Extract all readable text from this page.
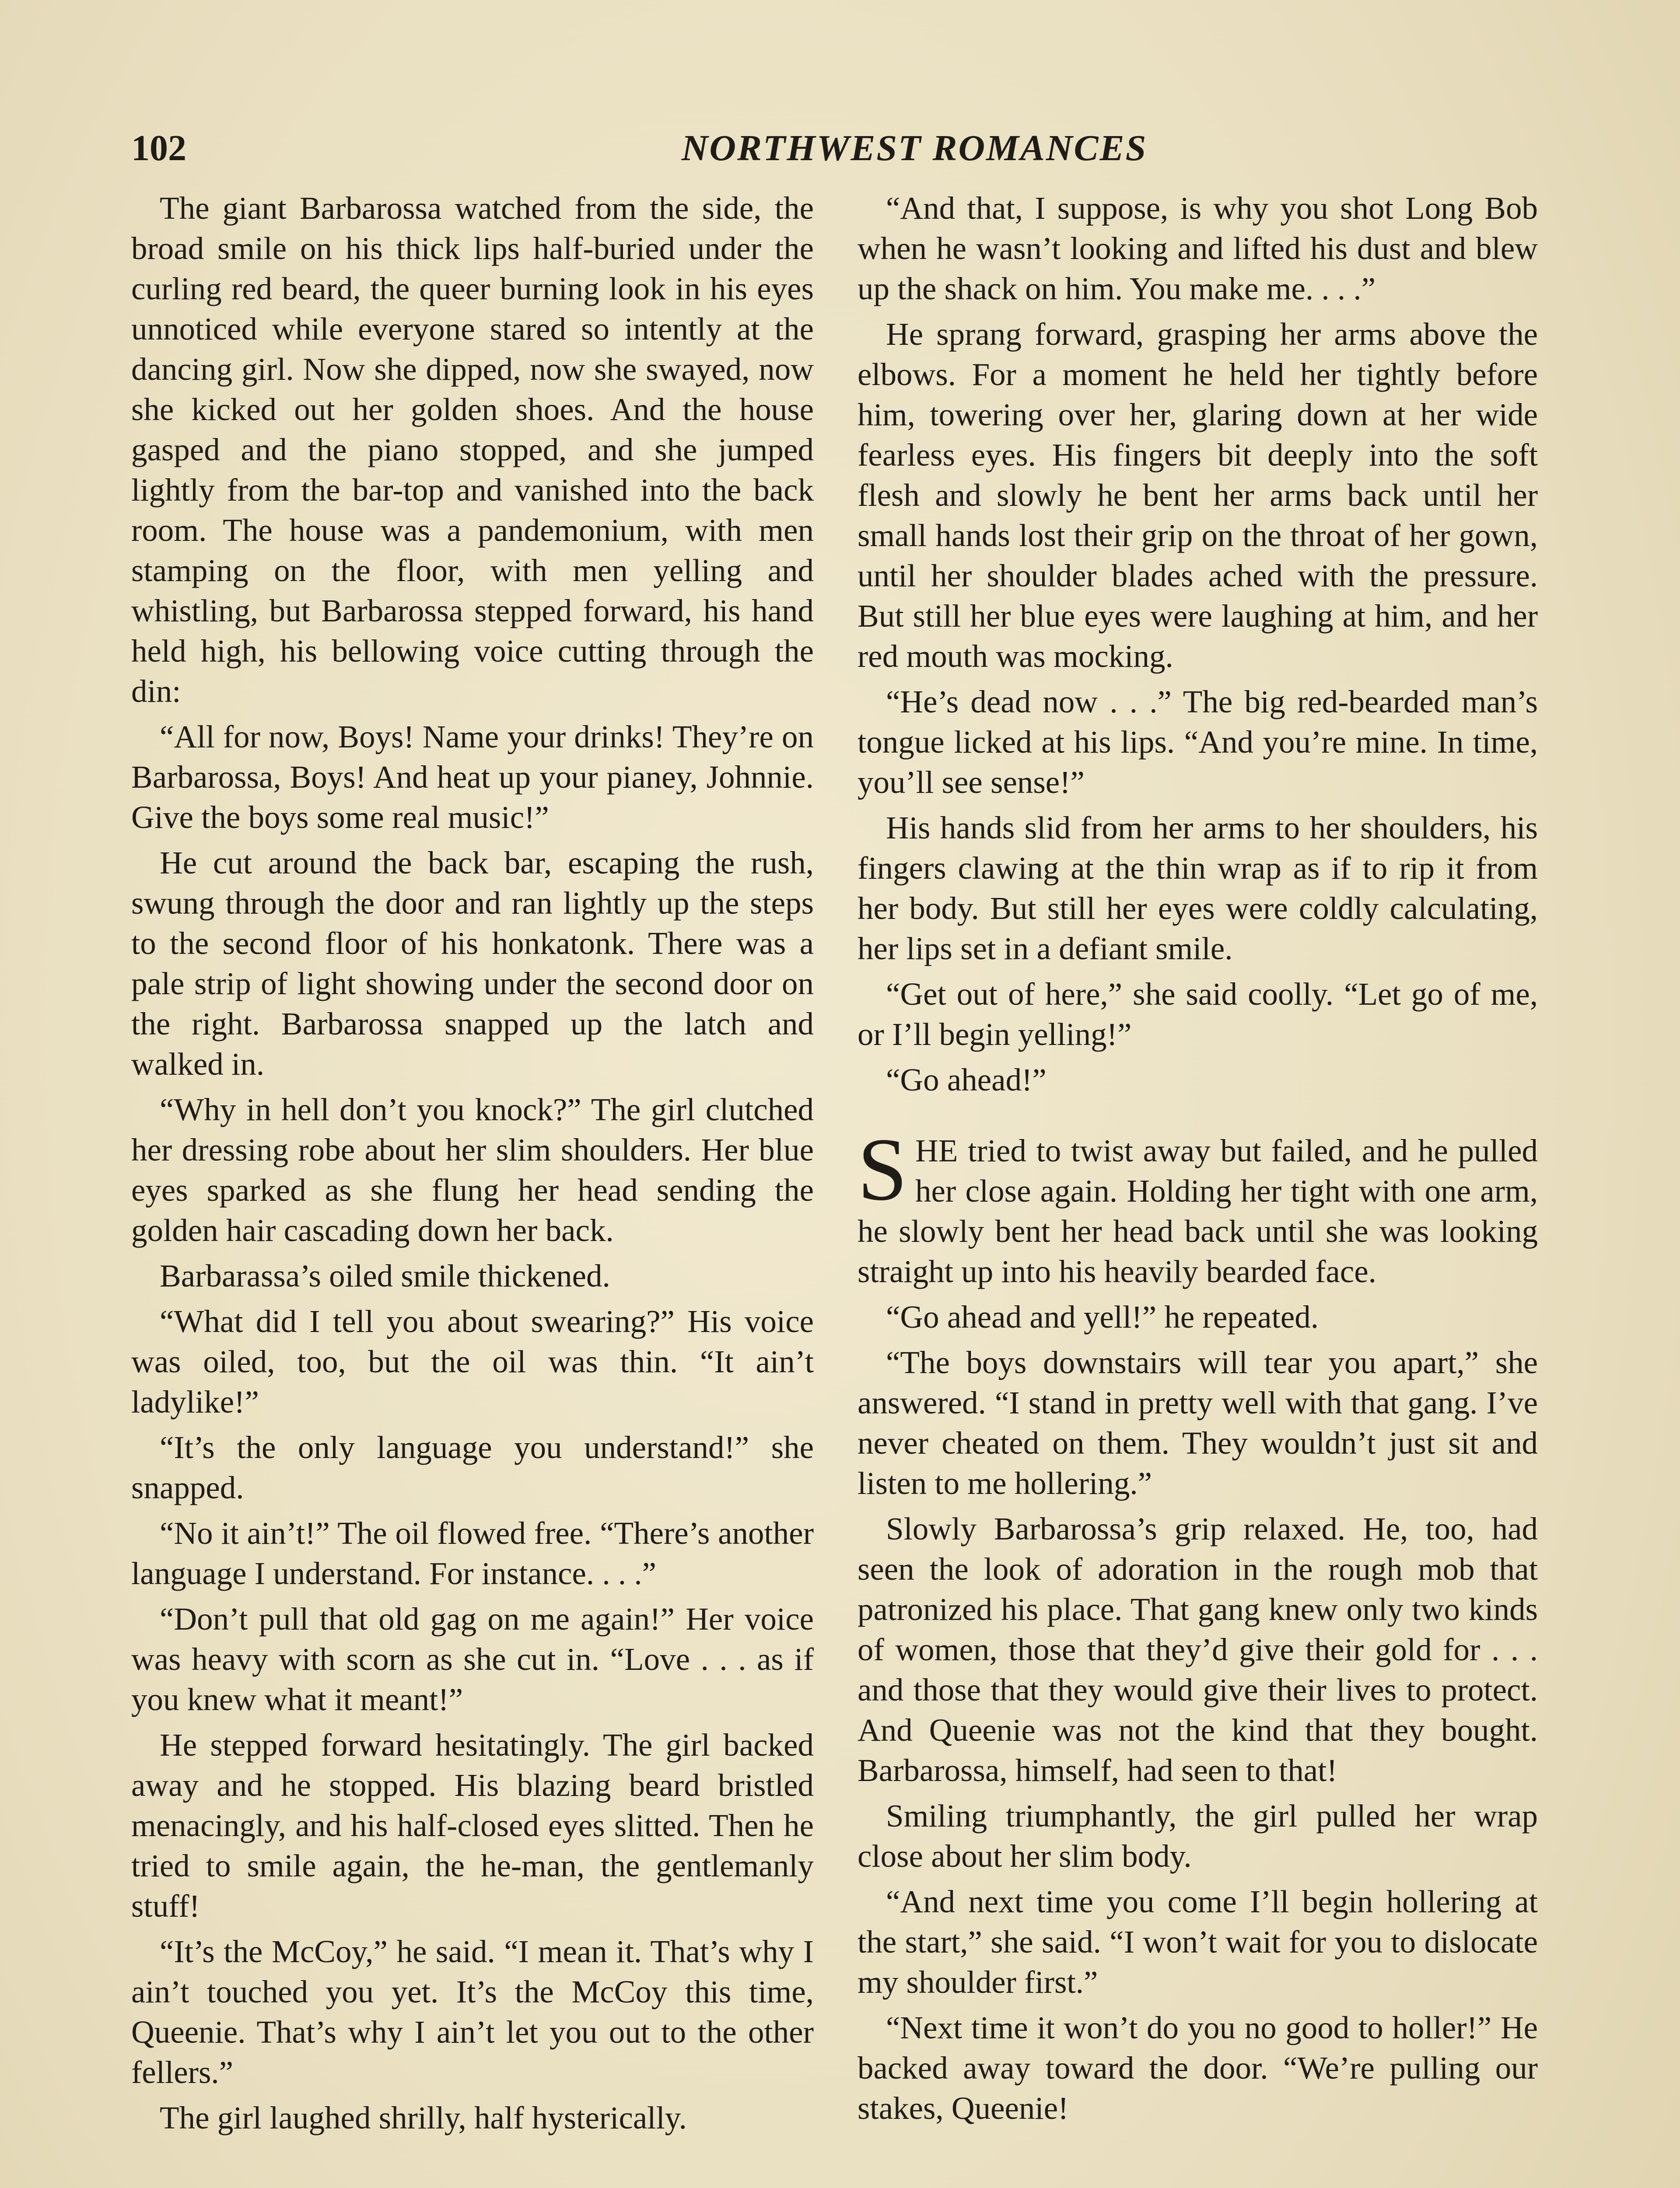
102	NORTHWEST ROMANCES

The giant Barbarossa watched from the side, the broad smile on his thick lips half-buried under the curling red beard, the queer burning look in his eyes unnoticed while everyone stared so intently at the dancing girl. Now she dipped, now she swayed, now she kicked out her golden shoes. And the house gasped and the piano stopped, and she jumped lightly from the bar-top and vanished into the back room. The house was a pandemonium, with men stamping on the floor, with men yelling and whistling, but Barbarossa stepped forward, his hand held high, his bellowing voice cutting through the din:

“All for now, Boys! Name your drinks! They’re on Barbarossa, Boys! And heat up your pianey, Johnnie. Give the boys some real music!”

He cut around the back bar, escaping the rush, swung through the door and ran lightly up the steps to the second floor of his honkatonk. There was a pale strip of light showing under the second door on the right. Barbarossa snapped up the latch and walked in.

“Why in hell don’t you knock?” The girl clutched her dressing robe about her slim shoulders. Her blue eyes sparked as she flung her head sending the golden hair cascading down her back.

Barbarassa’s oiled smile thickened.

“What did I tell you about swearing?” His voice was oiled, too, but the oil was thin. “It ain’t ladylike!”

“It’s the only language you understand!” she snapped.

“No it ain’t!” The oil flowed free. “There’s another language I understand. For instance. . . .”

“Don’t pull that old gag on me again!” Her voice was heavy with scorn as she cut in. “Love . . . as if you knew what it meant!”

He stepped forward hesitatingly. The girl backed away and he stopped. His blazing beard bristled menacingly, and his half-closed eyes slitted. Then he tried to smile again, the he-man, the gentlemanly stuff!

“It’s the McCoy,” he said. “I mean it. That’s why I ain’t touched you yet. It’s the McCoy this time, Queenie. That’s why I ain’t let you out to the other fellers.”

The girl laughed shrilly, half hysterically.

“And that, I suppose, is why you shot Long Bob when he wasn’t looking and lifted his dust and blew up the shack on him. You make me. . . .”

He sprang forward, grasping her arms above the elbows. For a moment he held her tightly before him, towering over her, glaring down at her wide fearless eyes. His fingers bit deeply into the soft flesh and slowly he bent her arms back until her small hands lost their grip on the throat of her gown, until her shoulder blades ached with the pressure. But still her blue eyes were laughing at him, and her red mouth was mocking.

“He’s dead now . . .” The big red-bearded man’s tongue licked at his lips. “And you’re mine. In time, you’ll see sense!”

His hands slid from her arms to her shoulders, his fingers clawing at the thin wrap as if to rip it from her body. But still her eyes were coldly calculating, her lips set in a defiant smile.

“Get out of here,” she said coolly. “Let go of me, or I’ll begin yelling!”

“Go ahead!”

SHE tried to twist away but failed, and he pulled her close again. Holding her tight with one arm, he slowly bent her head back until she was looking straight up into his heavily bearded face.

“Go ahead and yell!” he repeated.

“The boys downstairs will tear you apart,” she answered. “I stand in pretty well with that gang. I’ve never cheated on them. They wouldn’t just sit and listen to me hollering.”

Slowly Barbarossa’s grip relaxed. He, too, had seen the look of adoration in the rough mob that patronized his place. That gang knew only two kinds of women, those that they’d give their gold for . . . and those that they would give their lives to protect. And Queenie was not the kind that they bought. Barbarossa, himself, had seen to that!

Smiling triumphantly, the girl pulled her wrap close about her slim body.

“And next time you come I’ll begin hollering at the start,” she said. “I won’t wait for you to dislocate my shoulder first.”

“Next time it won’t do you no good to holler!” He backed away toward the door. “We’re pulling our stakes, Queenie!
